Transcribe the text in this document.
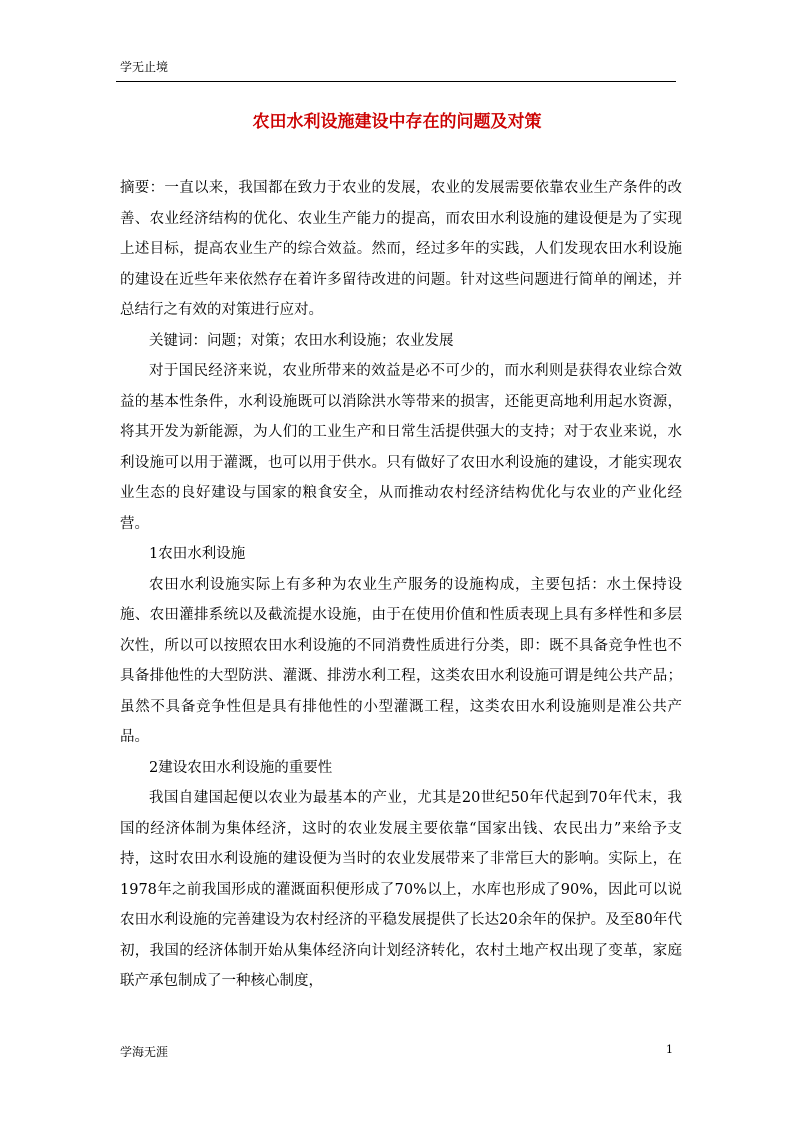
学无止境
农田水利设施建设中存在的问题及对策

摘要：一直以来，我国都在致力于农业的发展，农业的发展需要依靠农业生产条件的改善、农业经济结构的优化、农业生产能力的提高，而农田水利设施的建设便是为了实现上述目标，提高农业生产的综合效益。然而，经过多年的实践，人们发现农田水利设施的建设在近些年来依然存在着许多留待改进的问题。针对这些问题进行简单的阐述，并总结行之有效的对策进行应对。

关键词：问题；对策；农田水利设施；农业发展

对于国民经济来说，农业所带来的效益是必不可少的，而水利则是获得农业综合效益的基本性条件，水利设施既可以消除洪水等带来的损害，还能更高地利用起水资源，将其开发为新能源，为人们的工业生产和日常生活提供强大的支持；对于农业来说，水利设施可以用于灌溉，也可以用于供水。只有做好了农田水利设施的建设，才能实现农业生态的良好建设与国家的粮食安全，从而推动农村经济结构优化与农业的产业化经营。

1农田水利设施

农田水利设施实际上有多种为农业生产服务的设施构成，主要包括：水土保持设施、农田灌排系统以及截流提水设施，由于在使用价值和性质表现上具有多样性和多层次性，所以可以按照农田水利设施的不同消费性质进行分类，即：既不具备竞争性也不具备排他性的大型防洪、灌溉、排涝水利工程，这类农田水利设施可谓是纯公共产品；虽然不具备竞争性但是具有排他性的小型灌溉工程，这类农田水利设施则是准公共产品。

2建设农田水利设施的重要性

我国自建国起便以农业为最基本的产业，尤其是20世纪50年代起到70年代末，我国的经济体制为集体经济，这时的农业发展主要依靠“国家出钱、农民出力”来给予支持，这时农田水利设施的建设便为当时的农业发展带来了非常巨大的影响。实际上，在1978年之前我国形成的灌溉面积便形成了70%以上，水库也形成了90%，因此可以说农田水利设施的完善建设为农村经济的平稳发展提供了长达20余年的保护。及至80年代初，我国的经济体制开始从集体经济向计划经济转化，农村土地产权出现了变革，家庭联产承包制成了一种核心制度，

学海无涯	1
